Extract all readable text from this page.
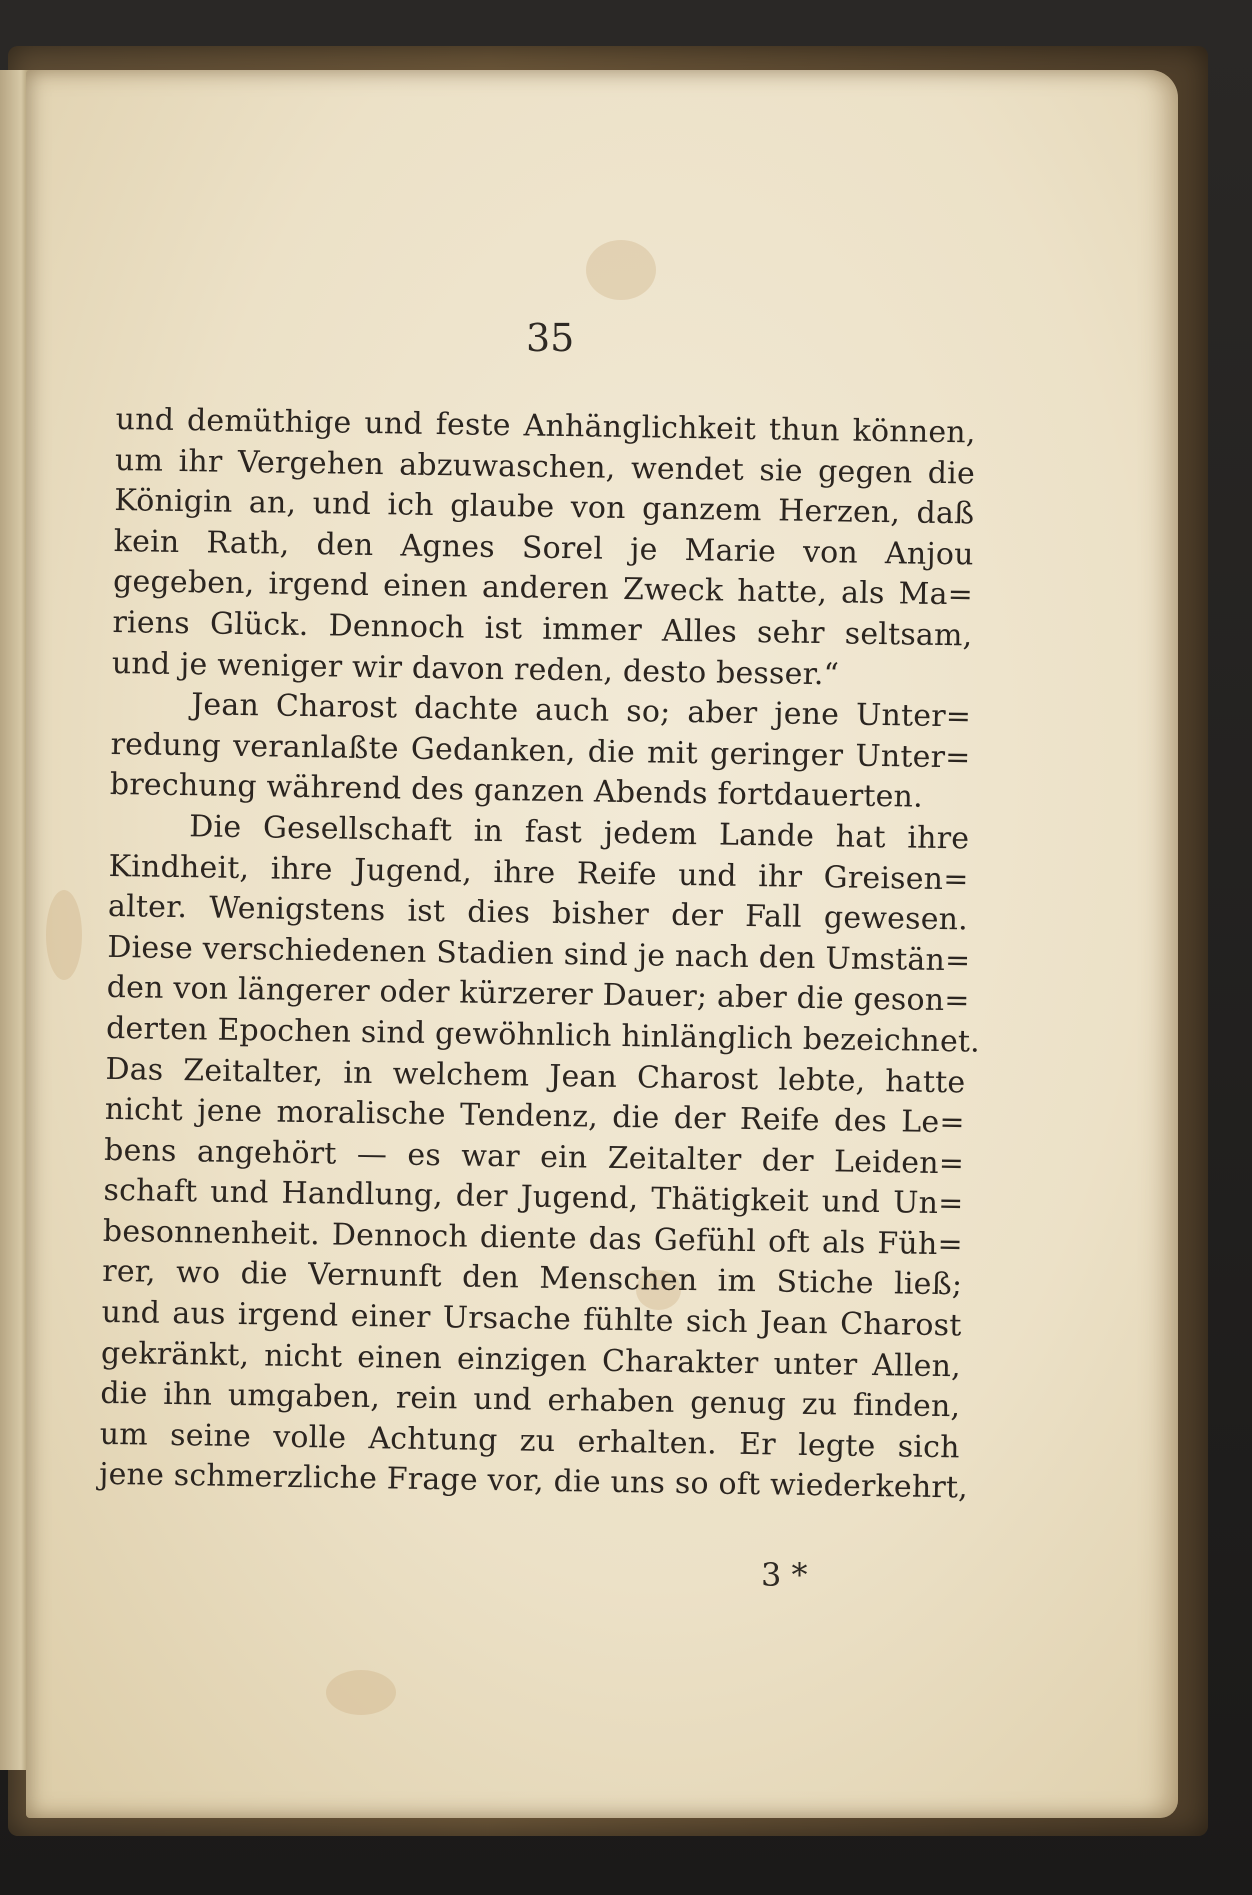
35
und demüthige und feste Anhänglichkeit thun können,
um ihr Vergehen abzuwaschen, wendet sie gegen die
Königin an, und ich glaube von ganzem Herzen, daß
kein Rath, den Agnes Sorel je Marie von Anjou
gegeben, irgend einen anderen Zweck hatte, als Ma=
riens Glück. Dennoch ist immer Alles sehr seltsam,
und je weniger wir davon reden, desto besser.“
Jean Charost dachte auch so; aber jene Unter=
redung veranlaßte Gedanken, die mit geringer Unter=
brechung während des ganzen Abends fortdauerten.
Die Gesellschaft in fast jedem Lande hat ihre
Kindheit, ihre Jugend, ihre Reife und ihr Greisen=
alter. Wenigstens ist dies bisher der Fall gewesen.
Diese verschiedenen Stadien sind je nach den Umstän=
den von längerer oder kürzerer Dauer; aber die geson=
derten Epochen sind gewöhnlich hinlänglich bezeichnet.
Das Zeitalter, in welchem Jean Charost lebte, hatte
nicht jene moralische Tendenz, die der Reife des Le=
bens angehört — es war ein Zeitalter der Leiden=
schaft und Handlung, der Jugend, Thätigkeit und Un=
besonnenheit. Dennoch diente das Gefühl oft als Füh=
rer, wo die Vernunft den Menschen im Stiche ließ;
und aus irgend einer Ursache fühlte sich Jean Charost
gekränkt, nicht einen einzigen Charakter unter Allen,
die ihn umgaben, rein und erhaben genug zu finden,
um seine volle Achtung zu erhalten. Er legte sich
jene schmerzliche Frage vor, die uns so oft wiederkehrt,
3 *
